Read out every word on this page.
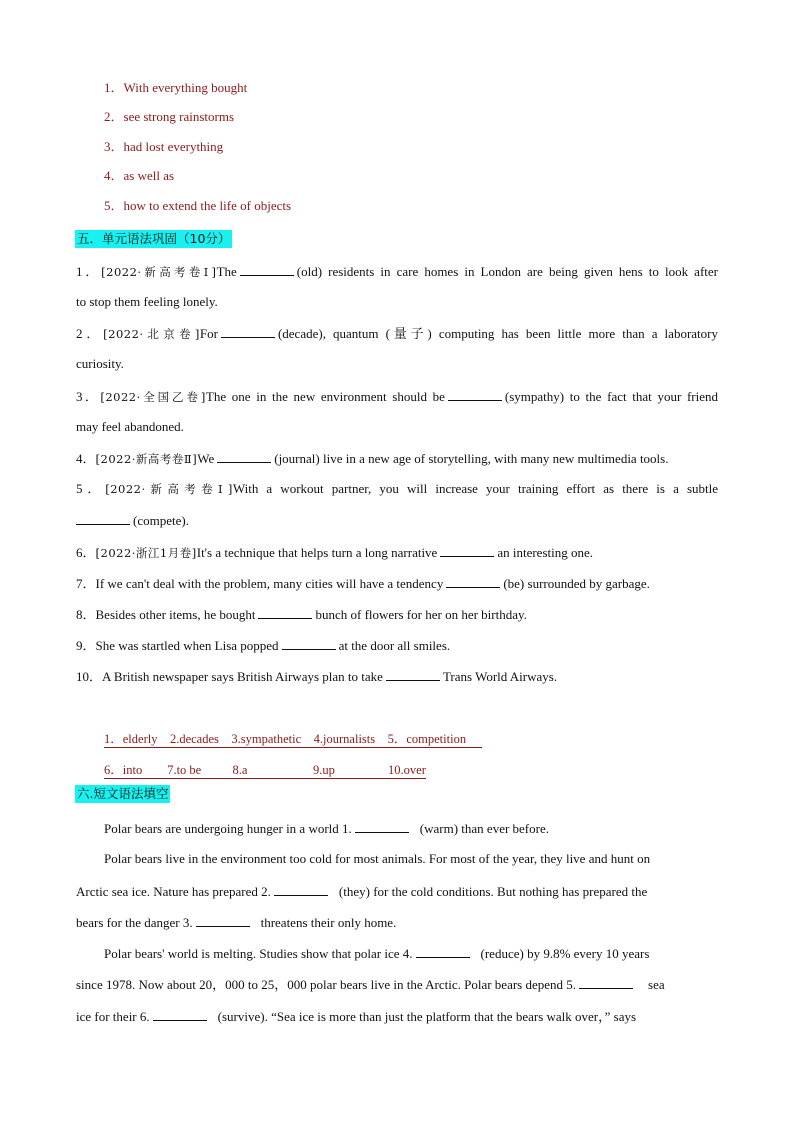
1．With everything bought
2．see strong rainstorms
3．had lost everything
4．as well as
5．how to extend the life of objects
五．单元语法巩固（10分）
1．[2022·新高考卷Ⅰ]The	(old) residents in care homes in London are being given hens to look after
to stop them feeling lonely.
2．[2022·北京卷]For	(decade), quantum (量子) computing has been little more than a laboratory
curiosity.
3．[2022·全国乙卷]The one in the new environment should be	(sympathy) to the fact that your friend
may feel abandoned.
4．[2022·新高考卷Ⅱ]We	(journal) live in a new age of storytelling, with many new multimedia tools.
5．[2022·新高考卷Ⅰ]With a workout partner, you will increase your training effort as there is a subtle
(compete).
6．[2022·浙江1月卷]It's a technique that helps turn a long narrative	an interesting one.
7．If we can't deal with the problem, many cities will have a tendency	(be) surrounded by garbage.
8．Besides other items, he bought	bunch of flowers for her on her birthday.
9．She was startled when Lisa popped	at the door all smiles.
10．A British newspaper says British Airways plan to take	Trans World Airways.
1．elderly    2.decades    3.sympathetic    4.journalists    5．competition
6．into        7.to be          8.a                     9.up                 10.over
六.短文语法填空
Polar bears are undergoing hunger in a world 1.	(warm) than ever before.
Polar bears live in the environment too cold for most animals. For most of the year, they live and hunt on
Arctic sea ice. Nature has prepared 2.	(they) for the cold conditions. But nothing has prepared the
bears for the danger 3.	threatens their only home.
Polar bears' world is melting. Studies show that polar ice 4.	(reduce) by 9.8% every 10 years
since 1978. Now about 20，000 to 25，000 polar bears live in the Arctic. Polar bears depend 5.	sea
ice for their 6.	(survive). “Sea ice is more than just the platform that the bears walk over，” says
